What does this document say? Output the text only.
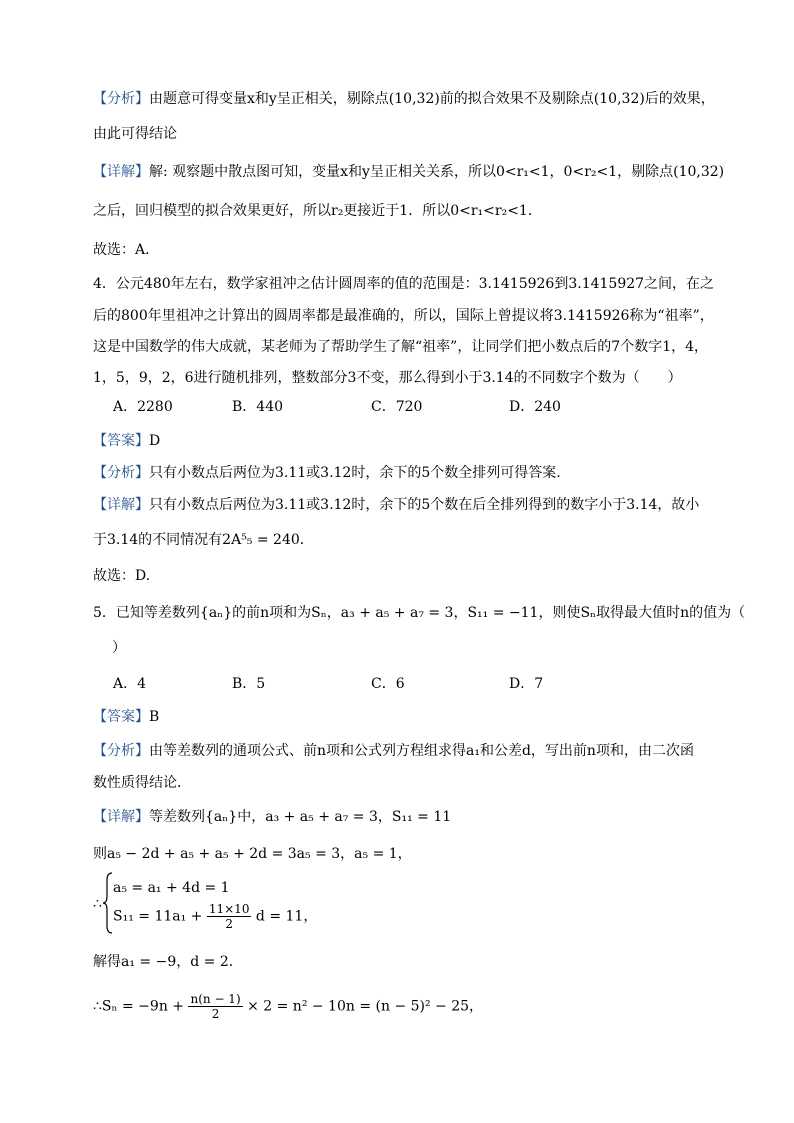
【分析】由题意可得变量x和y呈正相关，剔除点(10,32)前的拟合效果不及剔除点(10,32)后的效果，
由此可得结论
【详解】解: 观察题中散点图可知，变量x和y呈正相关关系，所以0<r₁<1，0<r₂<1，剔除点(10,32)
之后，回归模型的拟合效果更好，所以r₂更接近于1．所以0<r₁<r₂<1．
故选：A．
4．公元480年左右，数学家祖冲之估计圆周率的值的范围是：3.1415926到3.1415927之间，在之
后的800年里祖冲之计算出的圆周率都是最准确的，所以，国际上曾提议将3.1415926称为“祖率”，
这是中国数学的伟大成就，某老师为了帮助学生了解“祖率”，让同学们把小数点后的7个数字1，4，
1，5，9，2，6进行随机排列，整数部分3不变，那么得到小于3.14的不同数字个数为（　　）
A．2280	B．440	C．720	D．240
【答案】D
【分析】只有小数点后两位为3.11或3.12时，余下的5个数全排列可得答案.
【详解】只有小数点后两位为3.11或3.12时，余下的5个数在后全排列得到的数字小于3.14，故小
于3.14的不同情况有2A⁵₅ = 240．
故选：D.
5．已知等差数列{aₙ}的前n项和为Sₙ，a₃ + a₅ + a₇ = 3，S₁₁ = −11，则使Sₙ取得最大值时n的值为（
）
A．4	B．5	C．6	D．7
【答案】B
【分析】由等差数列的通项公式、前n项和公式列方程组求得a₁和公差d，写出前n项和，由二次函
数性质得结论．
【详解】等差数列{aₙ}中，a₃ + a₅ + a₇ = 3，S₁₁ = 11
则a₅ − 2d + a₅ + a₅ + 2d = 3a₅ = 3，a₅ = 1，
∴
a₅ = a₁ + 4d = 1
$S_{11} = 11a_1 + \frac{11\times 10}{2}$ d = 11，
解得a₁ = −9，d = 2．
∴Sₙ = $-9n + \frac{n(n - 1)}{2} \times 2 = n^2 - 10n = (n - 5)^2 - 25$，
